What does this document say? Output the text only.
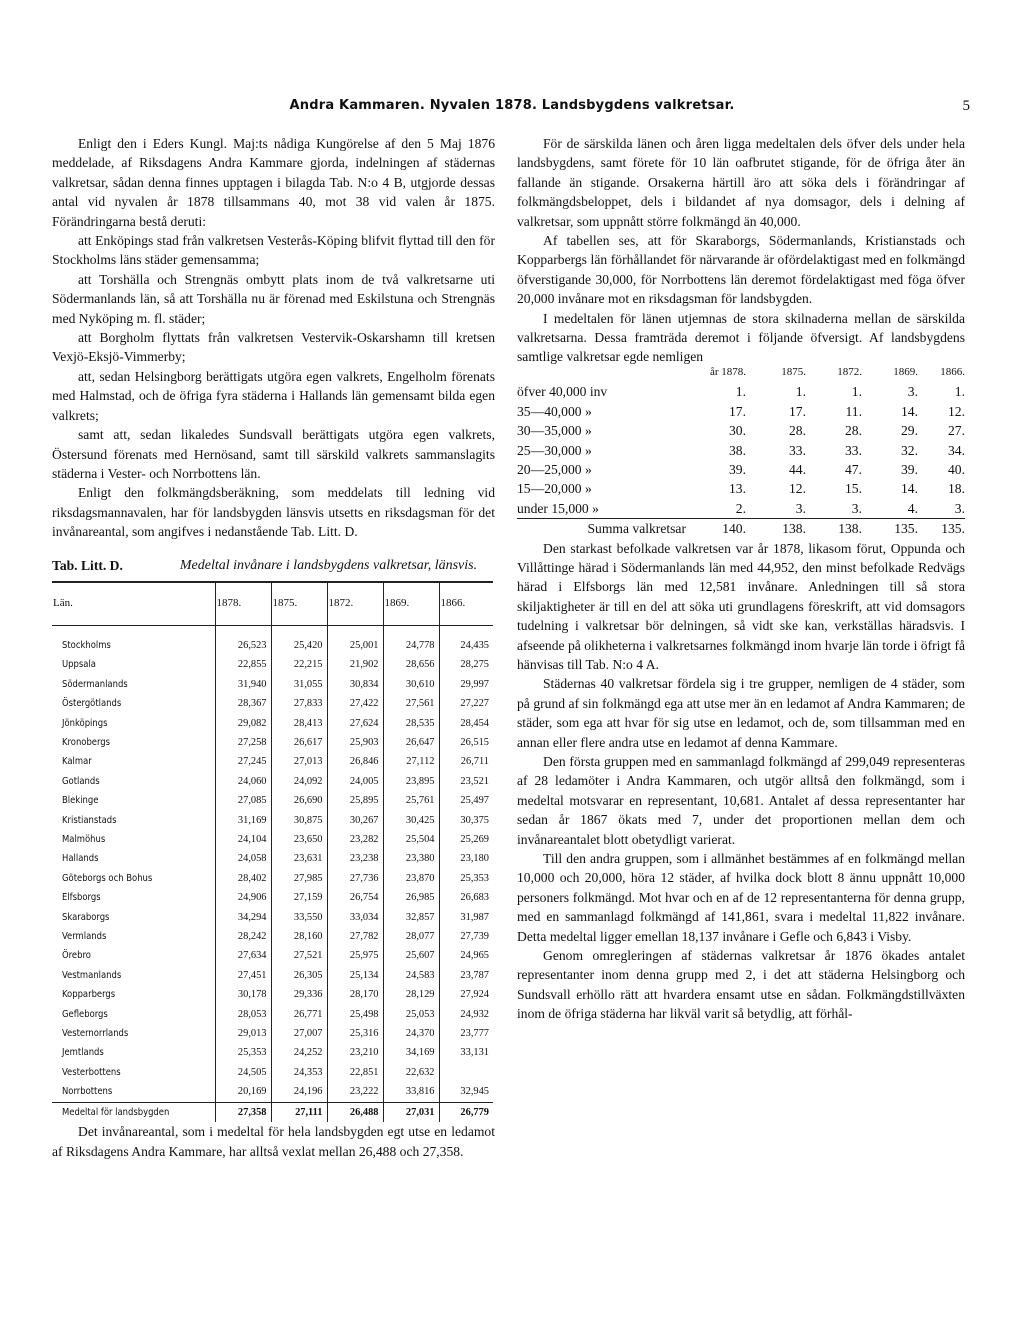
Andra Kammaren. Nyvalen 1878. Landsbygdens valkretsar.	5

Enligt den i Eders Kungl. Maj:ts nådiga Kungörelse af den 5 Maj 1876 meddelade, af Riksdagens Andra Kammare gjorda, indelningen af städernas valkretsar, sådan denna finnes upptagen i bilagda Tab. N:o 4 B, utgjorde dessas antal vid nyvalen år 1878 tillsammans 40, mot 38 vid valen år 1875. Förändringarna bestå deruti:

att Enköpings stad från valkretsen Vesterås-Köping blifvit flyttad till den för Stockholms läns städer gemensamma;

att Torshälla och Strengnäs ombytt plats inom de två valkretsarne uti Södermanlands län, så att Torshälla nu är förenad med Eskilstuna och Strengnäs med Nyköping m. fl. städer;

att Borgholm flyttats från valkretsen Vestervik-Oskarshamn till kretsen Vexjö-Eksjö-Vimmerby;

att, sedan Helsingborg berättigats utgöra egen valkrets, Engelholm förenats med Halmstad, och de öfriga fyra städerna i Hallands län gemensamt bilda egen valkrets;

samt att, sedan likaledes Sundsvall berättigats utgöra egen valkrets, Östersund förenats med Hernösand, samt till särskild valkrets sammanslagits städerna i Vester- och Norrbottens län.

Enligt den folkmängdsberäkning, som meddelats till ledning vid riksdagsmannavalen, har för landsbygden länsvis utsetts en riksdagsman för det invånareantal, som angifves i nedanstående Tab. Litt. D.

Tab. Litt. D.	Medeltal invånare i landsbygdens valkretsar, länsvis.
Län.	1878.	1875.	1872.	1869.	1866.
Stockholms	26,523	25,420	25,001	24,778	24,435
Uppsala	22,855	22,215	21,902	28,656	28,275
Södermanlands	31,940	31,055	30,834	30,610	29,997
Östergötlands	28,367	27,833	27,422	27,561	27,227
Jönköpings	29,082	28,413	27,624	28,535	28,454
Kronobergs	27,258	26,617	25,903	26,647	26,515
Kalmar	27,245	27,013	26,846	27,112	26,711
Gotlands	24,060	24,092	24,005	23,895	23,521
Blekinge	27,085	26,690	25,895	25,761	25,497
Kristianstads	31,169	30,875	30,267	30,425	30,375
Malmöhus	24,104	23,650	23,282	25,504	25,269
Hallands	24,058	23,631	23,238	23,380	23,180
Göteborgs och Bohus	28,402	27,985	27,736	23,870	25,353
Elfsborgs	24,906	27,159	26,754	26,985	26,683
Skaraborgs	34,294	33,550	33,034	32,857	31,987
Vermlands	28,242	28,160	27,782	28,077	27,739
Örebro	27,634	27,521	25,975	25,607	24,965
Vestmanlands	27,451	26,305	25,134	24,583	23,787
Kopparbergs	30,178	29,336	28,170	28,129	27,924
Gefleborgs	28,053	26,771	25,498	25,053	24,932
Vesternorrlands	29,013	27,007	25,316	24,370	23,777
Jemtlands	25,353	24,252	23,210	34,169	33,131
Vesterbottens	24,505	24,353	22,851	22,632	
Norrbottens	20,169	24,196	23,222	33,816	32,945
Medeltal för landsbygden	27,358	27,111	26,488	27,031	26,779

Det invånareantal, som i medeltal för hela landsbygden egt utse en ledamot af Riksdagens Andra Kammare, har alltså vexlat mellan 26,488 och 27,358.

För de särskilda länen och åren ligga medeltalen dels öfver dels under hela landsbygdens, samt förete för 10 län oafbrutet stigande, för de öfriga åter än fallande än stigande. Orsakerna härtill äro att söka dels i förändringar af folkmängdsbeloppet, dels i bildandet af nya domsagor, dels i delning af valkretsar, som uppnått större folkmängd än 40,000.

Af tabellen ses, att för Skaraborgs, Södermanlands, Kristianstads och Kopparbergs län förhållandet för närvarande är ofördelaktigast med en folkmängd öfverstigande 30,000, för Norrbottens län deremot fördelaktigast med föga öfver 20,000 invånare mot en riksdagsman för landsbygden.

I medeltalen för länen utjemnas de stora skilnaderna mellan de särskilda valkretsarna. Dessa framträda deremot i följande öfversigt. Af landsbygdens samtlige valkretsar egde nemligen

	år 1878.	1875.	1872.	1869.	1866.
öfver 40,000 inv	1.	1.	1.	3.	1.
35—40,000 »	17.	17.	11.	14.	12.
30—35,000 »	30.	28.	28.	29.	27.
25—30,000 »	38.	33.	33.	32.	34.
20—25,000 »	39.	44.	47.	39.	40.
15—20,000 »	13.	12.	15.	14.	18.
under 15,000 »	2.	3.	3.	4.	3.
Summa valkretsar	140.	138.	138.	135.	135.

Den starkast befolkade valkretsen var år 1878, likasom förut, Oppunda och Villåttinge härad i Södermanlands län med 44,952, den minst befolkade Redvägs härad i Elfsborgs län med 12,581 invånare. Anledningen till så stora skiljaktigheter är till en del att söka uti grundlagens föreskrift, att vid domsagors tudelning i valkretsar bör delningen, så vidt ske kan, verkställas häradsvis. I afseende på olikheterna i valkretsarnes folkmängd inom hvarje län torde i öfrigt få hänvisas till Tab. N:o 4 A.

Städernas 40 valkretsar fördela sig i tre grupper, nemligen de 4 städer, som på grund af sin folkmängd ega att utse mer än en ledamot af Andra Kammaren; de städer, som ega att hvar för sig utse en ledamot, och de, som tillsamman med en annan eller flere andra utse en ledamot af denna Kammare.

Den första gruppen med en sammanlagd folkmängd af 299,049 representeras af 28 ledamöter i Andra Kammaren, och utgör alltså den folkmängd, som i medeltal motsvarar en representant, 10,681. Antalet af dessa representanter har sedan år 1867 ökats med 7, under det proportionen mellan dem och invånareantalet blott obetydligt varierat.

Till den andra gruppen, som i allmänhet bestämmes af en folkmängd mellan 10,000 och 20,000, höra 12 städer, af hvilka dock blott 8 ännu uppnått 10,000 personers folkmängd. Mot hvar och en af de 12 representanterna för denna grupp, med en sammanlagd folkmängd af 141,861, svara i medeltal 11,822 invånare. Detta medeltal ligger emellan 18,137 invånare i Gefle och 6,843 i Visby.

Genom omregleringen af städernas valkretsar år 1876 ökades antalet representanter inom denna grupp med 2, i det att städerna Helsingborg och Sundsvall erhöllo rätt att hvardera ensamt utse en sådan. Folkmängdstillväxten inom de öfriga städerna har likväl varit så betydlig, att förhål-
